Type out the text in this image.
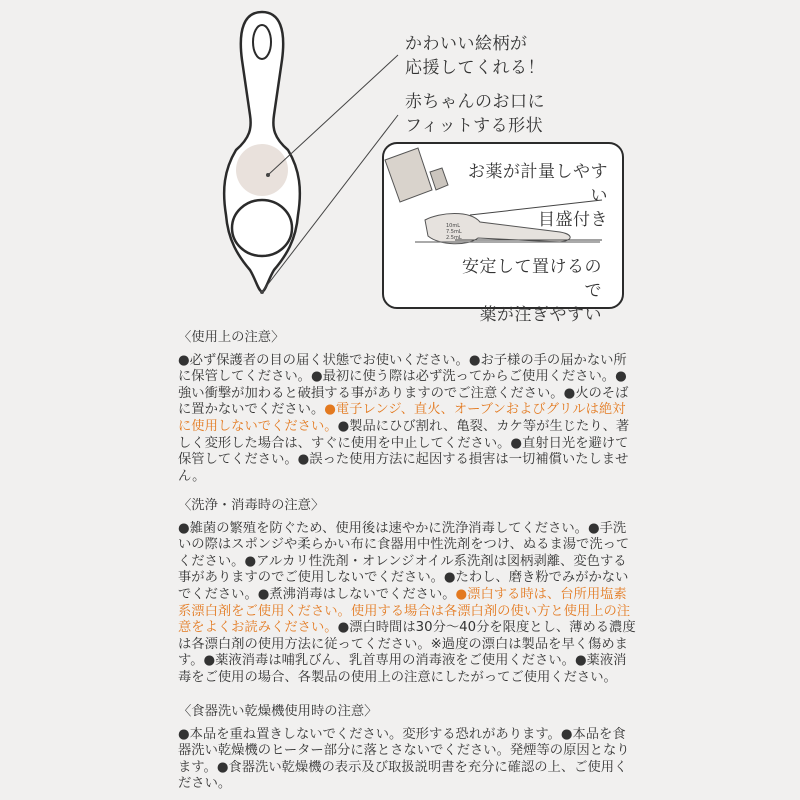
10mL
7.5mL
2.5mL
かわいい絵柄が
応援してくれる！
赤ちゃんのお口に
フィットする形状
お薬が計量しやすい
目盛付き
安定して置けるので
薬が注ぎやすい

〈使用上の注意〉

●必ず保護者の目の届く状態でお使いください。●お子様の手の届かない所に保管してください。●最初に使う際は必ず洗ってからご使用ください。●強い衝撃が加わると破損する事がありますのでご注意ください。●火のそばに置かないでください。●電子レンジ、直火、オーブンおよびグリルは絶対に使用しないでください。●製品にひび割れ、亀裂、カケ等が生じたり、著しく変形した場合は、すぐに使用を中止してください。●直射日光を避けて保管してください。●誤った使用方法に起因する損害は一切補償いたしません。

〈洗浄・消毒時の注意〉

●雑菌の繁殖を防ぐため、使用後は速やかに洗浄消毒してください。●手洗いの際はスポンジや柔らかい布に食器用中性洗剤をつけ、ぬるま湯で洗ってください。●アルカリ性洗剤・オレンジオイル系洗剤は図柄剥離、変色する事がありますのでご使用しないでください。●たわし、磨き粉でみがかないでください。●煮沸消毒はしないでください。●漂白する時は、台所用塩素系漂白剤をご使用ください。使用する場合は各漂白剤の使い方と使用上の注意をよくお読みください。●漂白時間は30分～40分を限度とし、薄める濃度は各漂白剤の使用方法に従ってください。※過度の漂白は製品を早く傷めます。●薬液消毒は哺乳びん、乳首専用の消毒液をご使用ください。●薬液消毒をご使用の場合、各製品の使用上の注意にしたがってご使用ください。

〈食器洗い乾燥機使用時の注意〉

●本品を重ね置きしないでください。変形する恐れがあります。●本品を食器洗い乾燥機のヒーター部分に落とさないでください。発煙等の原因となります。●食器洗い乾燥機の表示及び取扱説明書を充分に確認の上、ご使用ください。
